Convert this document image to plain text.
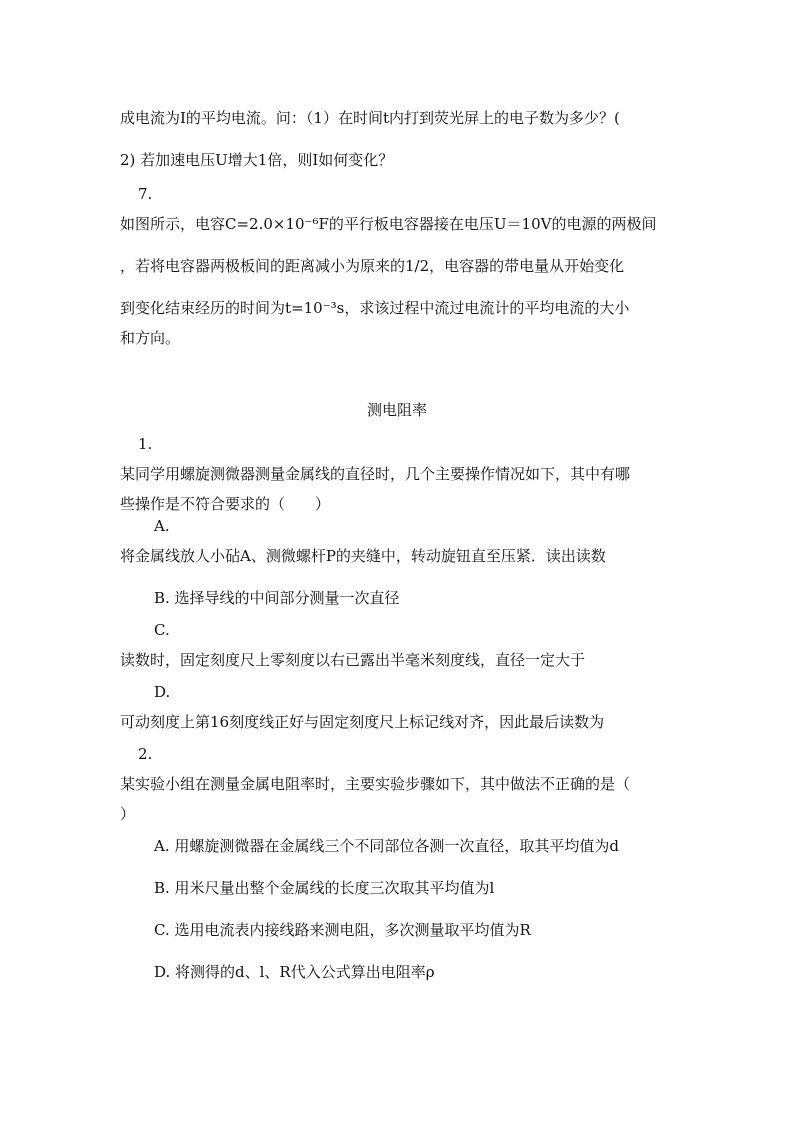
成电流为I的平均电流。问：（1）在时间t内打到荧光屏上的电子数为多少？(
2) 若加速电压U增大1倍，则I如何变化？
7.
如图所示，电容C=2.0×10⁻⁶F的平行板电容器接在电压U＝10V的电源的两极间
，若将电容器两极板间的距离减小为原来的1/2，电容器的带电量从开始变化
到变化结束经历的时间为t=10⁻³s，求该过程中流过电流计的平均电流的大小
和方向。
测电阻率
1.
某同学用螺旋测微器测量金属线的直径时，几个主要操作情况如下，其中有哪
些操作是不符合要求的（　　）
A.
将金属线放人小砧A、测微螺杆P的夹缝中，转动旋钮直至压紧．读出读数
B. 选择导线的中间部分测量一次直径
C.
读数时，固定刻度尺上零刻度以右已露出半毫米刻度线，直径一定大于
D.
可动刻度上第16刻度线正好与固定刻度尺上标记线对齐，因此最后读数为
2.
某实验小组在测量金属电阻率时，主要实验步骤如下，其中做法不正确的是（
）
A. 用螺旋测微器在金属线三个不同部位各测一次直径，取其平均值为d
B. 用米尺量出整个金属线的长度三次取其平均值为l
C. 选用电流表内接线路来测电阻，多次测量取平均值为R
D. 将测得的d、l、R代入公式算出电阻率ρ
